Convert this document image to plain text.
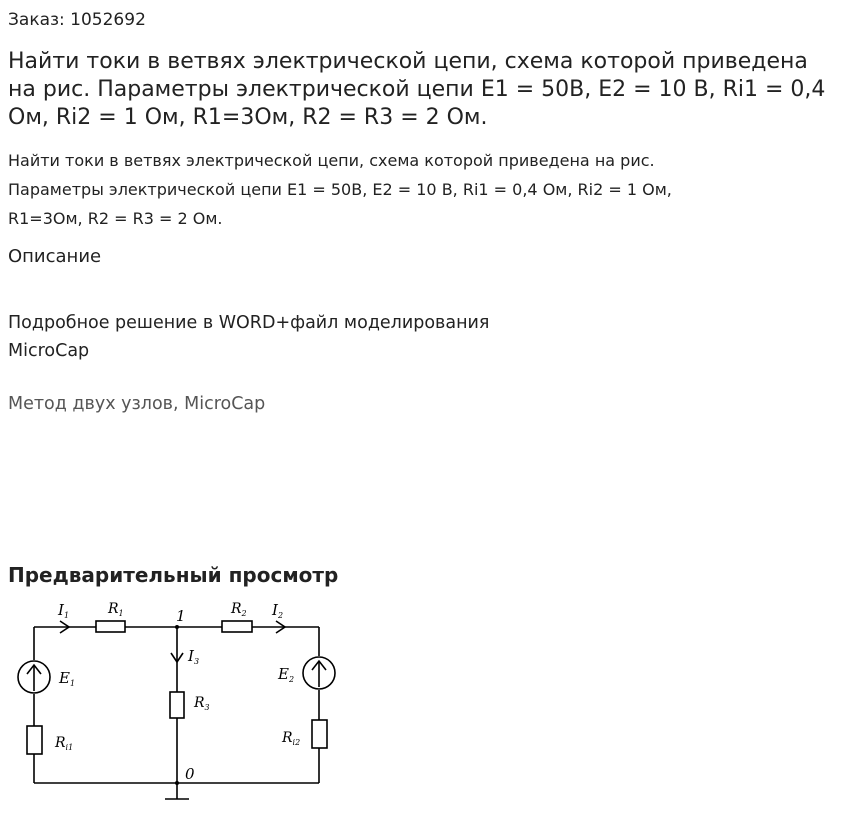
Заказ: 1052692
Найти токи в ветвях электрической цепи, схема которой приведена на рис. Параметры электрической цепи E1 = 50В, E2 = 10 В, Ri1 = 0,4 Ом, Ri2 = 1 Ом, R1=3Ом, R2 = R3 = 2 Ом.
Найти токи в ветвях электрической цепи, схема которой приведена на рис.
Параметры электрической цепи E1 = 50В, E2 = 10 В, Ri1 = 0,4 Ом, Ri2 = 1 Ом,
R1=3Ом, R2 = R3 = 2 Ом.
Описание
Подробное решение в WORD+файл моделирования
MicroCap
Метод двух узлов, MicroCap
Предварительный просмотр
$I_1$	$R_1$	1	$R_2$ $I_2$
$I_3$
$E_1$
$R_3$
$E_2$
$R_{i1}$
$R_{i2}$
0
